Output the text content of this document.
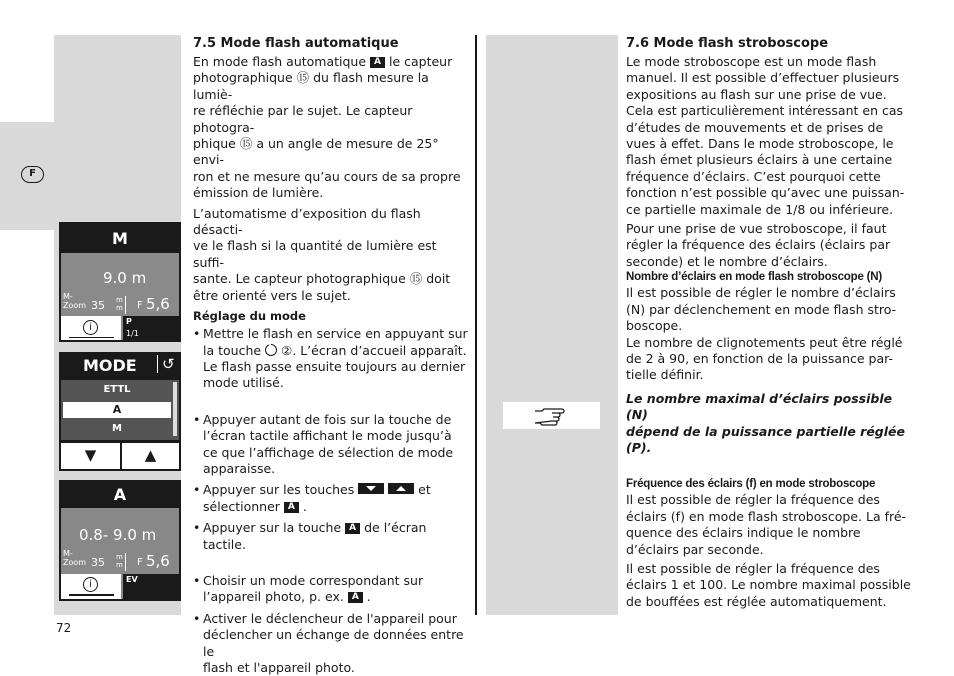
F
M
9.0 m
M-
Zoom 35 m
m F 5,6
i
P
1/1
MODE	↺
ETTL
A
M
▼	▲
A
0.8- 9.0 m
M-
Zoom 35 m
m F 5,6
i	EV
7.5 Mode flash automatique
En mode flash automatique A le capteur
photographique ⑮ du flash mesure la lumiè-
re réfléchie par le sujet. Le capteur photogra-
phique ⑮ a un angle de mesure de 25° envi-
ron et ne mesure qu’au cours de sa propre
émission de lumière.
L’automatisme d’exposition du flash désacti-
ve le flash si la quantité de lumière est suffi-
sante. Le capteur photographique ⑮ doit
être orienté vers le sujet.
Réglage du mode
• Mettre le flash en service en appuyant sur
la touche ②. L’écran d’accueil apparaît.
Le flash passe ensuite toujours au dernier
mode utilisé.
• Appuyer autant de fois sur la touche de
l’écran tactile affichant le mode jusqu’à
ce que l’affichage de sélection de mode
apparaisse.
• Appuyer sur les touches	et
sélectionner A .
• Appuyer sur la touche A de l’écran tactile.
• Choisir un mode correspondant sur
l’appareil photo, p. ex. A .
• Activer le déclencheur de l'appareil pour
déclencher un échange de données entre le
flash et l'appareil photo.
7.6 Mode flash stroboscope
Le mode stroboscope est un mode flash
manuel. Il est possible d’effectuer plusieurs
expositions au flash sur une prise de vue.
Cela est particulièrement intéressant en cas
d’études de mouvements et de prises de
vues à effet. Dans le mode stroboscope, le
flash émet plusieurs éclairs à une certaine
fréquence d’éclairs. C’est pourquoi cette
fonction n’est possible qu’avec une puissan-
ce partielle maximale de 1/8 ou inférieure.
Pour une prise de vue stroboscope, il faut
régler la fréquence des éclairs (éclairs par
seconde) et le nombre d’éclairs.
Nombre d’éclairs en mode flash stroboscope (N)
Il est possible de régler le nombre d’éclairs
(N) par déclenchement en mode flash stro-
boscope.
Le nombre de clignotements peut être réglé
de 2 à 90, en fonction de la puissance par-
tielle définir.
Le nombre maximal d’éclairs possible (N)
dépend de la puissance partielle réglée (P).
Fréquence des éclairs (f) en mode stroboscope
Il est possible de régler la fréquence des
éclairs (f) en mode flash stroboscope. La fré-
quence des éclairs indique le nombre
d’éclairs par seconde.
Il est possible de régler la fréquence des
éclairs 1 et 100. Le nombre maximal possible
de bouffées est réglée automatiquement.
72
